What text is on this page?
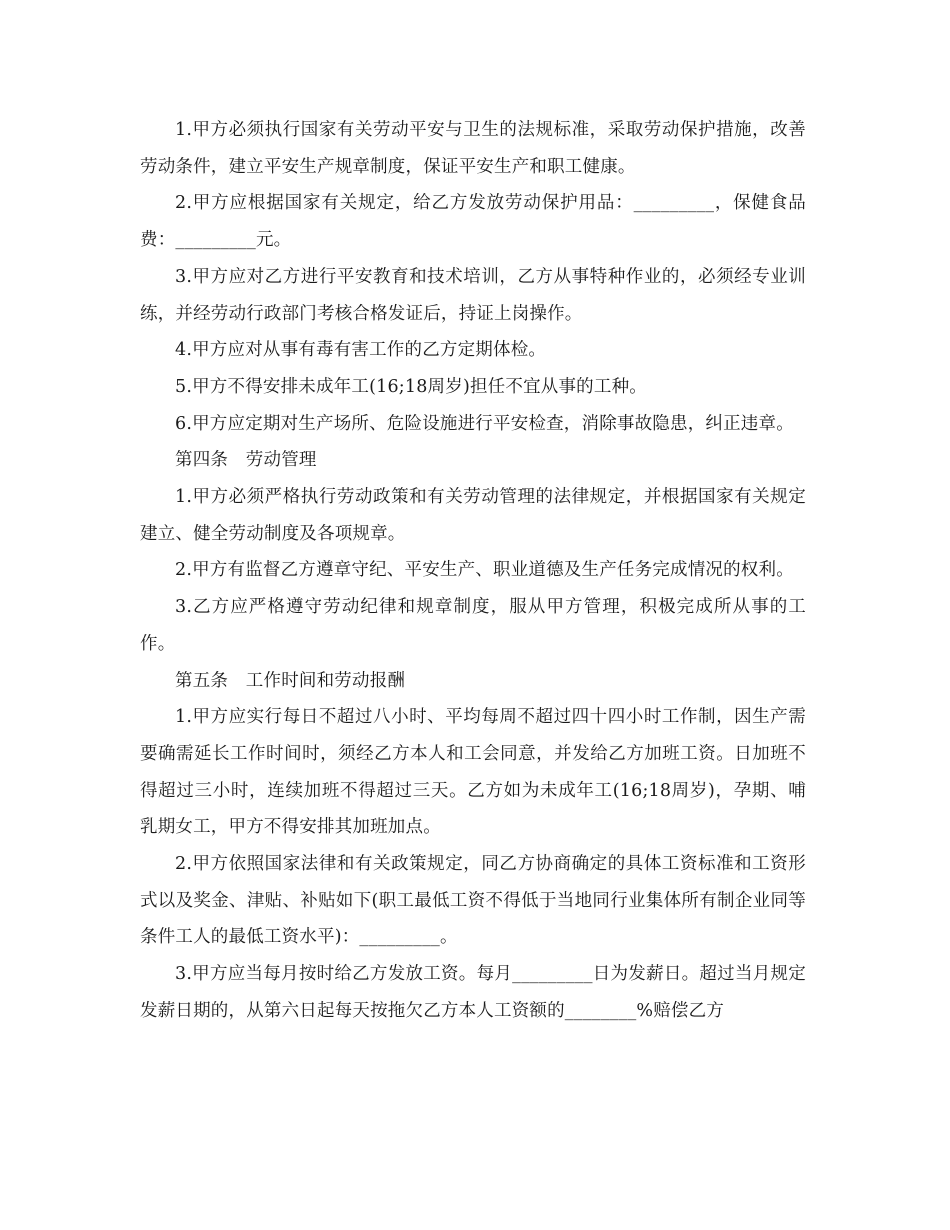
1.甲方必须执行国家有关劳动平安与卫生的法规标准，采取劳动保护措施，改善劳动条件，建立平安生产规章制度，保证平安生产和职工健康。

2.甲方应根据国家有关规定，给乙方发放劳动保护用品：_________，保健食品费：_________元。

3.甲方应对乙方进行平安教育和技术培训，乙方从事特种作业的，必须经专业训练，并经劳动行政部门考核合格发证后，持证上岗操作。

4.甲方应对从事有毒有害工作的乙方定期体检。

5.甲方不得安排未成年工(16;18周岁)担任不宜从事的工种。

6.甲方应定期对生产场所、危险设施进行平安检查，消除事故隐患，纠正违章。

第四条　劳动管理

1.甲方必须严格执行劳动政策和有关劳动管理的法律规定，并根据国家有关规定建立、健全劳动制度及各项规章。

2.甲方有监督乙方遵章守纪、平安生产、职业道德及生产任务完成情况的权利。

3.乙方应严格遵守劳动纪律和规章制度，服从甲方管理，积极完成所从事的工作。

第五条　工作时间和劳动报酬

1.甲方应实行每日不超过八小时、平均每周不超过四十四小时工作制，因生产需要确需延长工作时间时，须经乙方本人和工会同意，并发给乙方加班工资。日加班不得超过三小时，连续加班不得超过三天。乙方如为未成年工(16;18周岁)，孕期、哺乳期女工，甲方不得安排其加班加点。

2.甲方依照国家法律和有关政策规定，同乙方协商确定的具体工资标准和工资形式以及奖金、津贴、补贴如下(职工最低工资不得低于当地同行业集体所有制企业同等条件工人的最低工资水平)：_________。

3.甲方应当每月按时给乙方发放工资。每月_________日为发薪日。超过当月规定发薪日期的，从第六日起每天按拖欠乙方本人工资额的________%赔偿乙方
